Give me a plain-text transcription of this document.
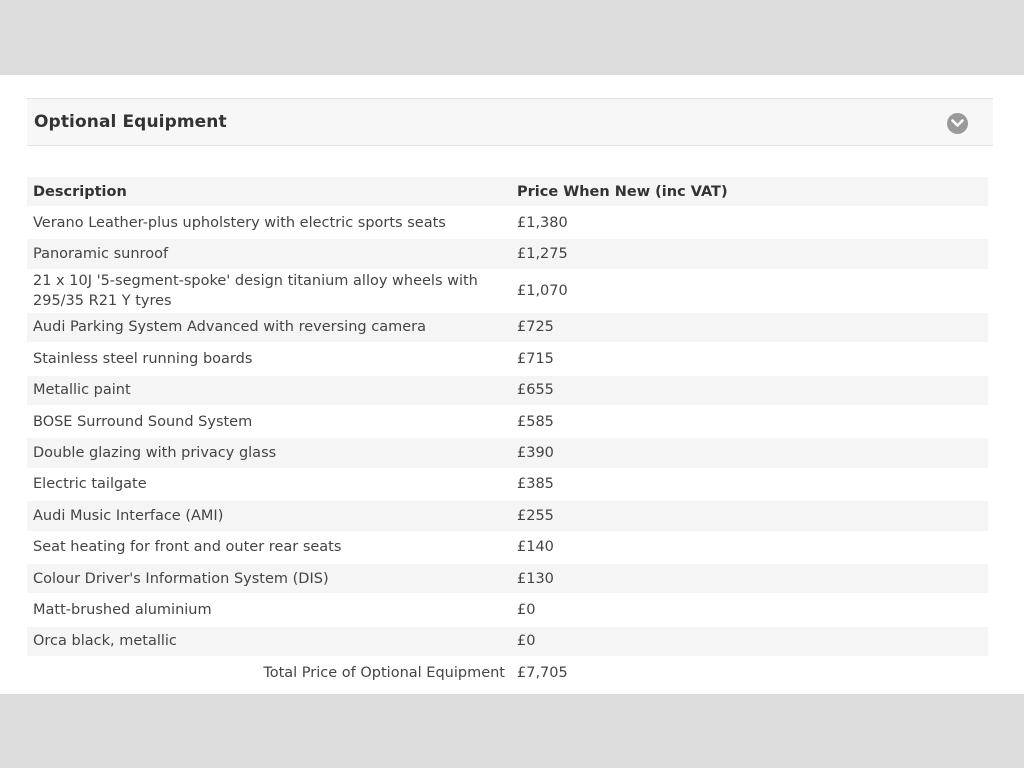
Optional Equipment
Description	Price When New (inc VAT)
Verano Leather-plus upholstery with electric sports seats	£1,380
Panoramic sunroof	£1,275
21 x 10J '5-segment-spoke' design titanium alloy wheels with 295/35 R21 Y tyres	£1,070
Audi Parking System Advanced with reversing camera	£725
Stainless steel running boards	£715
Metallic paint	£655
BOSE Surround Sound System	£585
Double glazing with privacy glass	£390
Electric tailgate	£385
Audi Music Interface (AMI)	£255
Seat heating for front and outer rear seats	£140
Colour Driver's Information System (DIS)	£130
Matt-brushed aluminium	£0
Orca black, metallic	£0
Total Price of Optional Equipment	£7,705
